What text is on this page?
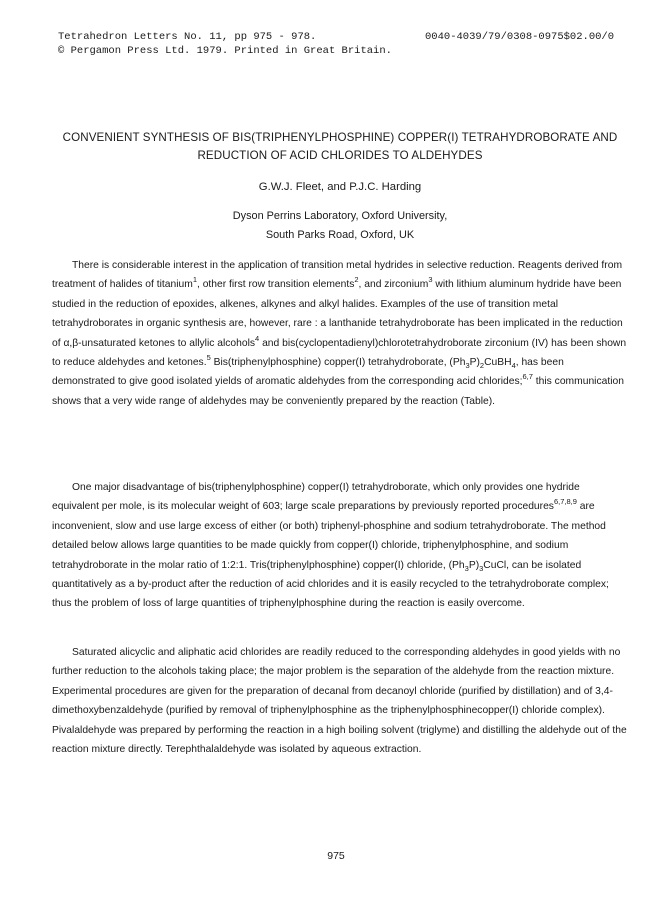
Tetrahedron Letters No. 11, pp 975 - 978.
© Pergamon Press Ltd. 1979. Printed in Great Britain.
0040-4039/79/0308-0975$02.00/0
CONVENIENT SYNTHESIS OF BIS(TRIPHENYLPHOSPHINE) COPPER(I) TETRAHYDROBORATE AND
REDUCTION OF ACID CHLORIDES TO ALDEHYDES
G.W.J. Fleet, and P.J.C. Harding
Dyson Perrins Laboratory, Oxford University,
South Parks Road, Oxford, UK

There is considerable interest in the application of transition metal hydrides in selective reduction. Reagents derived from treatment of halides of titanium$^1$, other first row transition elements$^2$, and zirconium$^3$ with lithium aluminum hydride have been studied in the reduction of epoxides, alkenes, alkynes and alkyl halides. Examples of the use of transition metal tetrahydroborates in organic synthesis are, however, rare : a lanthanide tetrahydroborate has been implicated in the reduction of α,β-unsaturated ketones to allylic alcohols$^4$ and bis(cyclopentadienyl)chlorotetrahydroborate zirconium (IV) has been shown to reduce aldehydes and ketones.$^5$ Bis(triphenylphosphine) copper(I) tetrahydroborate, $(Ph_3P)_2CuBH_4$, has been demonstrated to give good isolated yields of aromatic aldehydes from the corresponding acid chlorides;$^{6,7}$ this communication shows that a very wide range of aldehydes may be conveniently prepared by the reaction (Table).

One major disadvantage of bis(triphenylphosphine) copper(I) tetrahydroborate, which only provides one hydride equivalent per mole, is its molecular weight of 603; large scale preparations by previously reported procedures$^{6,7,8,9}$ are inconvenient, slow and use large excess of either (or both) triphenyl-phosphine and sodium tetrahydroborate. The method detailed below allows large quantities to be made quickly from copper(I) chloride, triphenylphosphine, and sodium tetrahydroborate in the molar ratio of 1:2:1. Tris(triphenylphosphine) copper(I) chloride, $(Ph_3P)_3CuCl$, can be isolated quantitatively as a by-product after the reduction of acid chlorides and it is easily recycled to the tetrahydroborate complex; thus the problem of loss of large quantities of triphenylphosphine during the reaction is easily overcome.

Saturated alicyclic and aliphatic acid chlorides are readily reduced to the corresponding aldehydes in good yields with no further reduction to the alcohols taking place; the major problem is the separation of the aldehyde from the reaction mixture. Experimental procedures are given for the preparation of decanal from decanoyl chloride (purified by distillation) and of 3,4-dimethoxybenzaldehyde (purified by removal of triphenylphosphine as the triphenylphosphinecopper(I) chloride complex). Pivalaldehyde was prepared by performing the reaction in a high boiling solvent (triglyme) and distilling the aldehyde out of the reaction mixture directly. Terephthalaldehyde was isolated by aqueous extraction.

975
